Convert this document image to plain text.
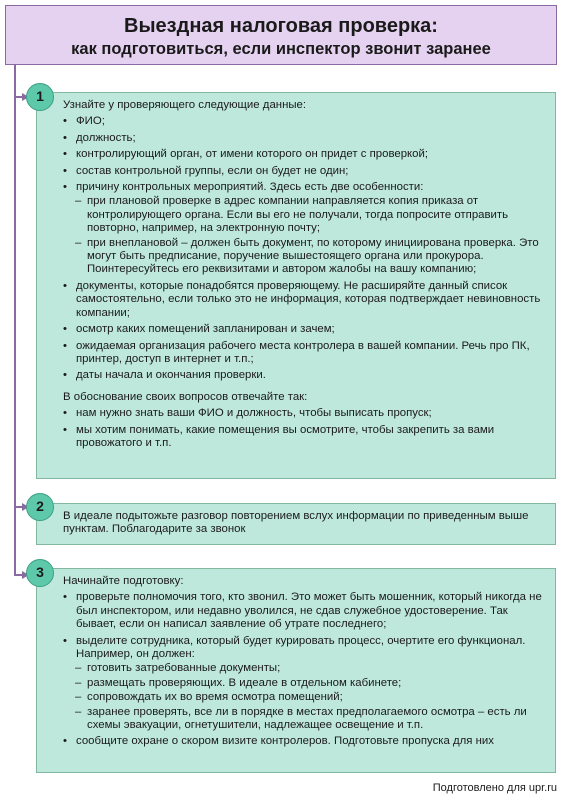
Выездная налоговая проверка:
как подготовиться, если инспектор звонит заранее
Узнайте у проверяющего следующие данные:
• ФИО;
• должность;
• контролирующий орган, от имени которого он придет с проверкой;
• состав контрольной группы, если он будет не один;
• причину контрольных мероприятий. Здесь есть две особенности:
– при плановой проверке в адрес компании направляется копия приказа от контролирующего органа. Если вы его не получали, тогда попросите отправить повторно, например, на электронную почту;
– при внеплановой – должен быть документ, по которому инициирована проверка. Это могут быть предписание, поручение вышестоящего органа или прокурора. Поинтересуйтесь его реквизитами и автором жалобы на вашу компанию;
• документы, которые понадобятся проверяющему. Не расширяйте данный список самостоятельно, если только это не информация, которая подтверждает невиновность компании;
• осмотр каких помещений запланирован и зачем;
• ожидаемая организация рабочего места контролера в вашей компании. Речь про ПК, принтер, доступ в интернет и т.п.;
• даты начала и окончания проверки.
В обоснование своих вопросов отвечайте так:
• нам нужно знать ваши ФИО и должность, чтобы выписать пропуск;
• мы хотим понимать, какие помещения вы осмотрите, чтобы закрепить за вами провожатого и т.п.
1
В идеале подытожьте разговор повторением вслух информации по приведенным выше пунктам. Поблагодарите за звонок
2
Начинайте подготовку:
• проверьте полномочия того, кто звонил. Это может быть мошенник, который никогда не был инспектором, или недавно уволился, не сдав служебное удостоверение. Так бывает, если он написал заявление об утрате последнего;
• выделите сотрудника, который будет курировать процесс, очертите его функционал. Например, он должен:
– готовить затребованные документы;
– размещать проверяющих. В идеале в отдельном кабинете;
– сопровождать их во время осмотра помещений;
– заранее проверять, все ли в порядке в местах предполагаемого осмотра – есть ли схемы эвакуации, огнетушители, надлежащее освещение и т.п.
• сообщите охране о скором визите контролеров. Подготовьте пропуска для них
3
Подготовлено для upr.ru
